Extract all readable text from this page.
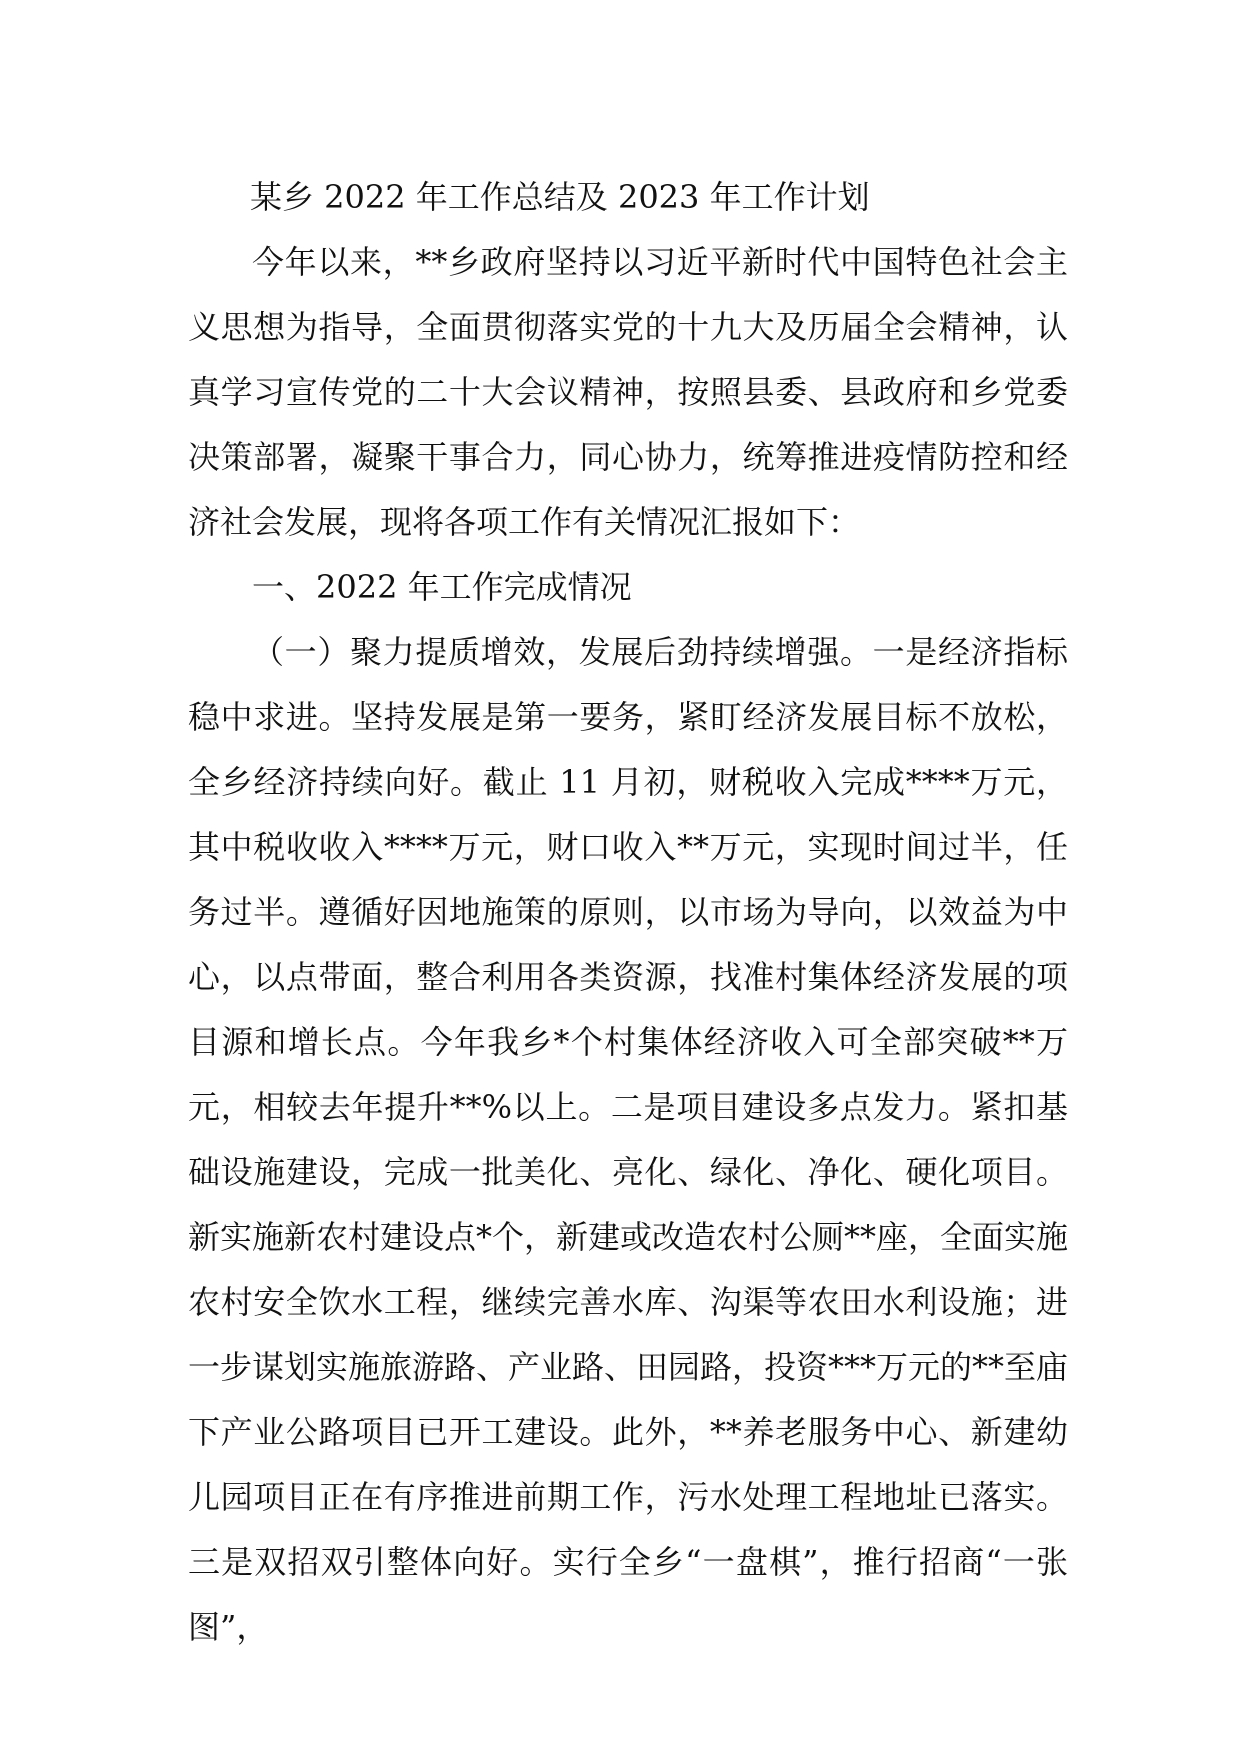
某乡 2022 年工作总结及 2023 年工作计划

今年以来，**乡政府坚持以习近平新时代中国特色社会主义思想为指导，全面贯彻落实党的十九大及历届全会精神，认真学习宣传党的二十大会议精神，按照县委、县政府和乡党委决策部署，凝聚干事合力，同心协力，统筹推进疫情防控和经济社会发展，现将各项工作有关情况汇报如下：

一、2022 年工作完成情况

（一）聚力提质增效，发展后劲持续增强。一是经济指标稳中求进。坚持发展是第一要务，紧盯经济发展目标不放松，全乡经济持续向好。截止 11 月初，财税收入完成****万元，其中税收收入****万元，财口收入**万元，实现时间过半，任务过半。遵循好因地施策的原则，以市场为导向，以效益为中心，以点带面，整合利用各类资源，找准村集体经济发展的项目源和增长点。今年我乡*个村集体经济收入可全部突破**万元，相较去年提升**%以上。二是项目建设多点发力。紧扣基础设施建设，完成一批美化、亮化、绿化、净化、硬化项目。新实施新农村建设点*个，新建或改造农村公厕**座，全面实施农村安全饮水工程，继续完善水库、沟渠等农田水利设施；进一步谋划实施旅游路、产业路、田园路，投资***万元的**至庙下产业公路项目已开工建设。此外，**养老服务中心、新建幼儿园项目正在有序推进前期工作，污水处理工程地址已落实。三是双招双引整体向好。实行全乡“一盘棋”，推行招商“一张图”，
